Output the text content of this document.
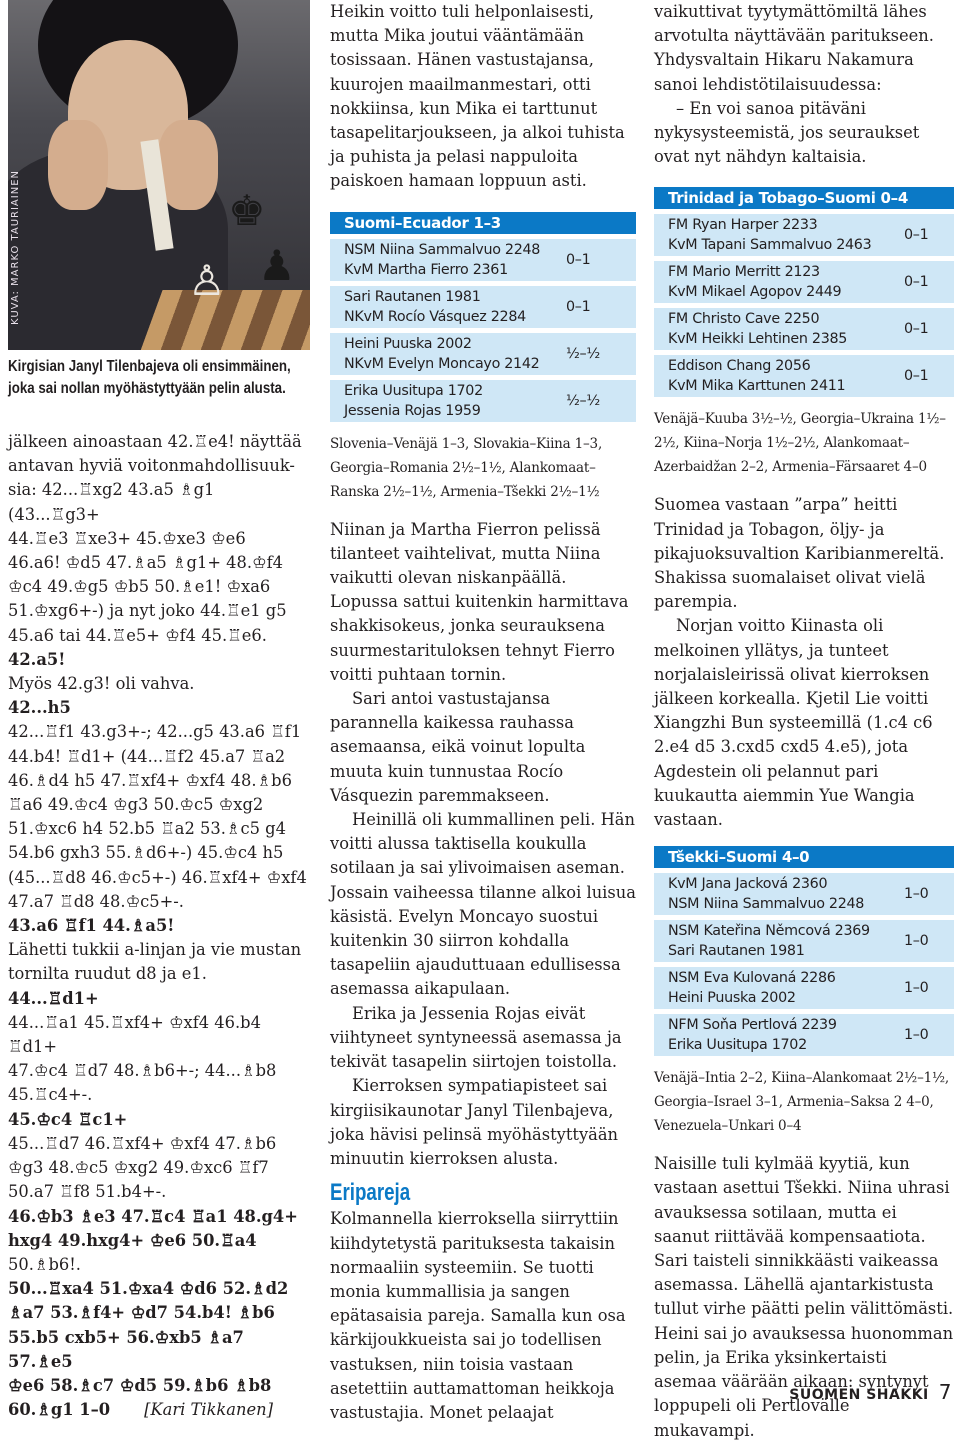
♚
♟
♙
KUVA: MARKO TAURIAINEN
Kirgisian Janyl Tilenbajeva oli ensimmäinen, joka sai nollan myöhästyttyään pelin alusta.

jälkeen ainoastaan 42.♖e4! näyttää

antavan hyviä voitonmahdollisuuk-

sia: 42...♖xg2 43.a5 ♗g1 (43...♖g3+

44.♖e3 ♖xe3+ 45.♔xe3 ♔e6

46.a6! ♔d5 47.♗a5 ♗g1+ 48.♔f4

♔c4 49.♔g5 ♔b5 50.♗e1! ♔xa6

51.♔xg6+-) ja nyt joko 44.♖e1 g5

45.a6 tai 44.♖e5+ ♔f4 45.♖e6.

42.a5!

Myös 42.g3! oli vahva.

42...h5

42...♖f1 43.g3+-; 42...g5 43.a6 ♖f1

44.b4! ♖d1+ (44...♖f2 45.a7 ♖a2

46.♗d4 h5 47.♖xf4+ ♔xf4 48.♗b6

♖a6 49.♔c4 ♔g3 50.♔c5 ♔xg2

51.♔xc6 h4 52.b5 ♖a2 53.♗c5 g4

54.b6 gxh3 55.♗d6+-) 45.♔c4 h5

(45...♖d8 46.♔c5+-) 46.♖xf4+ ♔xf4

47.a7 ♖d8 48.♔c5+-.

43.a6 ♖f1 44.♗a5!

Lähetti tukkii a-linjan ja vie mustan tornilta ruudut d8 ja e1.

44...♖d1+

44...♖a1 45.♖xf4+ ♔xf4 46.b4 ♖d1+

47.♔c4 ♖d7 48.♗b6+-; 44...♗b8

45.♖c4+-.

45.♔c4 ♖c1+

45...♖d7 46.♖xf4+ ♔xf4 47.♗b6

♔g3 48.♔c5 ♔xg2 49.♔xc6 ♖f7

50.a7 ♖f8 51.b4+-.

46.♔b3 ♗e3 47.♖c4 ♖a1 48.g4+

hxg4 49.hxg4+ ♔e6 50.♖a4

50.♗b6!.

50...♖xa4 51.♔xa4 ♔d6 52.♗d2

♗a7 53.♗f4+ ♔d7 54.b4! ♗b6

55.b5 cxb5+ 56.♔xb5 ♗a7 57.♗e5

♔e6 58.♗c7 ♔d5 59.♗b6 ♗b8

60.♗g1 1–0 [Kari Tikkanen]

Heikin voitto tuli helponlaisesti, mutta Mika joutui vääntämään tosissaan. Hänen vastustajansa, kuurojen maailmanmestari, otti nokkiinsa, kun Mika ei tarttunut tasapelitarjoukseen, ja alkoi tuhista ja puhista ja pelasi nappuloita paiskoen hamaan loppuun asti.

Suomi–Ecuador 1–3
NSM Niina Sammalvuo 2248
KvM Martha Fierro 2361
0–1
Sari Rautanen 1981
NKvM Rocío Vásquez 2284
0–1
Heini Puuska 2002
NKvM Evelyn Moncayo 2142
½–½
Erika Uusitupa 1702
Jessenia Rojas 1959
½–½
Slovenia–Venäjä 1–3, Slovakia–Kiina 1–3, Georgia–Romania 2½–1½, Alankomaat–Ranska 2½–1½, Armenia–Tšekki 2½–1½

Niinan ja Martha Fierron pelissä tilanteet vaihtelivat, mutta Niina vaikutti olevan niskanpäällä. Lopussa sattui kuitenkin harmittava shakkisokeus, jonka seurauksena suurmestarituloksen tehnyt Fierro voitti puhtaan tornin.

Sari antoi vastustajansa parannella kaikessa rauhassa asemaansa, eikä voinut lopulta muuta kuin tunnustaa Rocío Vásquezin paremmakseen.

Heinillä oli kummallinen peli. Hän voitti alussa taktisella koukulla sotilaan ja sai ylivoimaisen aseman. Jossain vaiheessa tilanne alkoi luisua käsistä. Evelyn Moncayo suostui kuitenkin 30 siirron kohdalla tasapeliin ajauduttuaan edullisessa asemassa aikapulaan.

Erika ja Jessenia Rojas eivät viihtyneet syntyneessä asemassa ja tekivät tasapelin siirtojen toistolla.

Kierroksen sympatiapisteet sai kirgiisikaunotar Janyl Tilenbajeva, joka hävisi pelinsä myöhästyttyään minuutin kierroksen alusta.

Eripareja

Kolmannella kierroksella siirryttiin kiihdytetystä parituksesta takaisin normaaliin systeemiin. Se tuotti monia kummallisia ja sangen epätasaisia pareja. Samalla kun osa kärkijoukkueista sai jo todellisen vastuksen, niin toisia vastaan asetettiin auttamattoman heikkoja vastustajia. Monet pelaajat

vaikuttivat tyytymättömiltä lähes arvotulta näyttävään paritukseen. Yhdysvaltain Hikaru Nakamura sanoi lehdistötilaisuudessa:

– En voi sanoa pitäväni nykysysteemistä, jos seuraukset ovat nyt nähdyn kaltaisia.

Trinidad ja Tobago–Suomi 0–4
FM Ryan Harper 2233
KvM Tapani Sammalvuo 2463
0–1
FM Mario Merritt 2123
KvM Mikael Agopov 2449
0–1
FM Christo Cave 2250
KvM Heikki Lehtinen 2385
0–1
Eddison Chang 2056
KvM Mika Karttunen 2411
0–1
Venäjä–Kuuba 3½–½, Georgia–Ukraina 1½–2½, Kiina–Norja 1½–2½, Alankomaat–Azerbaidžan 2–2, Armenia–Färsaaret 4–0

Suomea vastaan ”arpa” heitti Trinidad ja Tobagon, öljy- ja pikajuoksuvaltion Karibianmereltä. Shakissa suomalaiset olivat vielä parempia.

Norjan voitto Kiinasta oli melkoinen yllätys, ja tunteet norjalaisleirissä olivat kierroksen jälkeen korkealla. Kjetil Lie voitti Xiangzhi Bun systeemillä (1.c4 c6 2.e4 d5 3.cxd5 cxd5 4.e5), jota Agdestein oli pelannut pari kuukautta aiemmin Yue Wangia vastaan.

Tšekki–Suomi 4–0
KvM Jana Jacková 2360
NSM Niina Sammalvuo 2248
1–0
NSM Kateřina Němcová 2369
Sari Rautanen 1981
1–0
NSM Eva Kulovaná 2286
Heini Puuska 2002
1–0
NFM Soňa Pertlová 2239
Erika Uusitupa 1702
1–0
Venäjä–Intia 2–2, Kiina–Alankomaat 2½–1½, Georgia–Israel 3–1, Armenia–Saksa 2 4–0, Venezuela–Unkari 0–4

Naisille tuli kylmää kyytiä, kun vastaan asettui Tšekki. Niina uhrasi avauksessa sotilaan, mutta ei saanut riittävää kompensaatiota. Sari taisteli sinnikkäästi vaikeassa asemassa. Lähellä ajantarkistusta tullut virhe päätti pelin välittömästi. Heini sai jo avauksessa huonomman pelin, ja Erika yksinkertaisti asemaa väärään aikaan: syntynyt loppupeli oli Pertlovälle mukavampi.

SUOMEN SHAKKI 7
